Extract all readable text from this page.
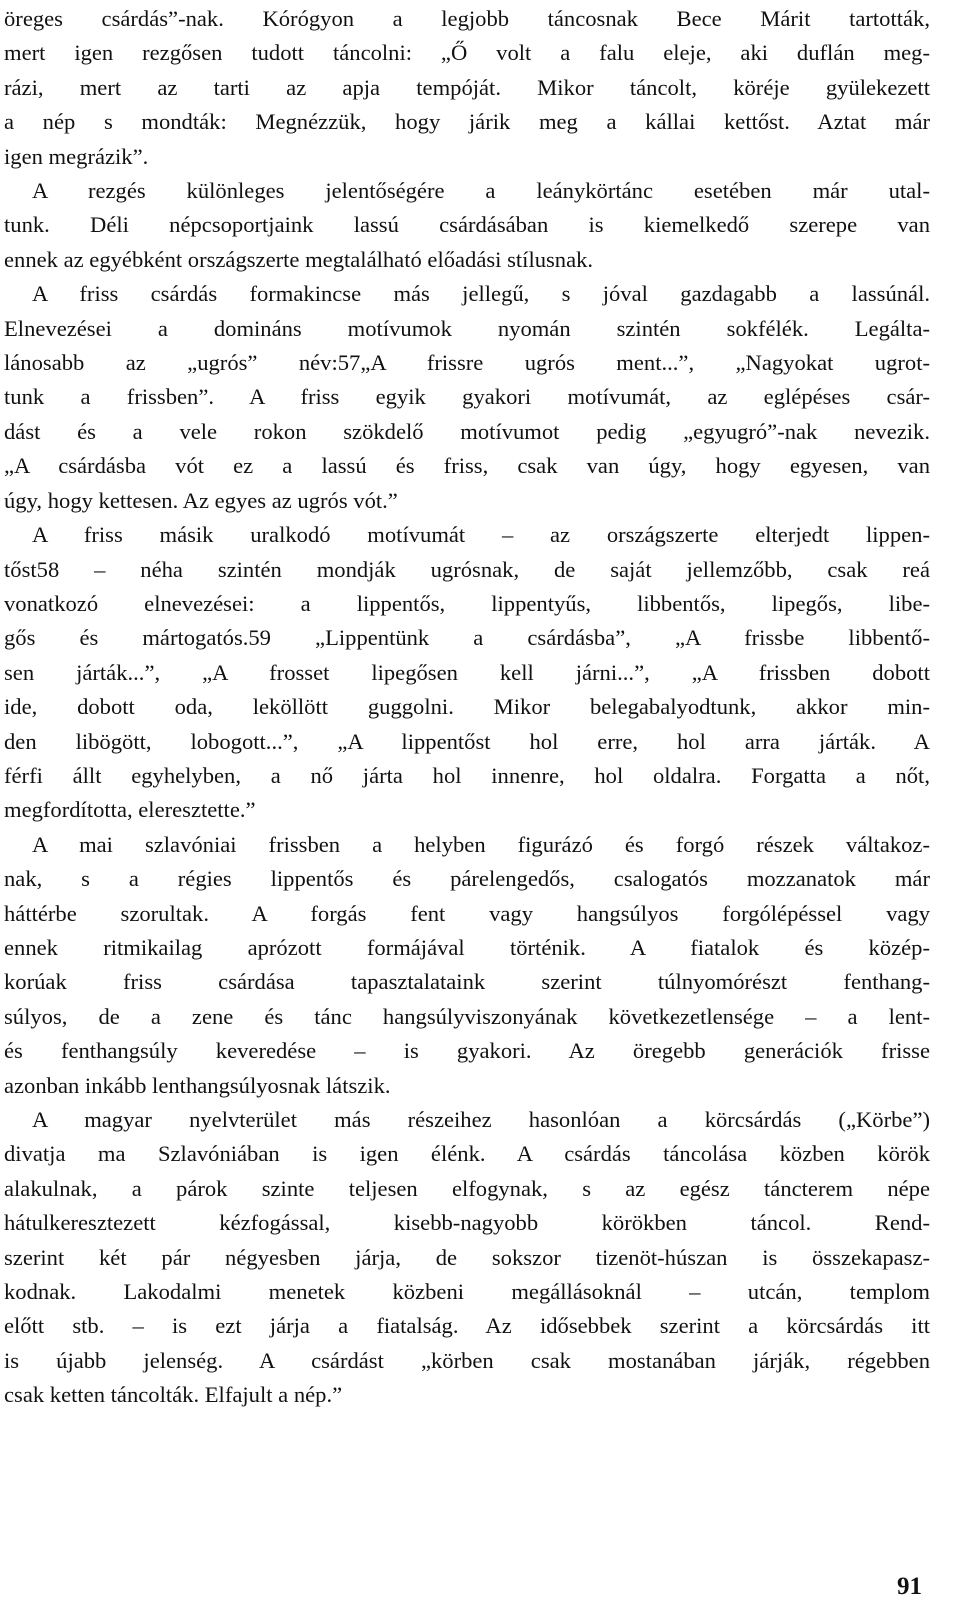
öreges csárdás”-nak. Kórógyon a legjobb táncosnak Bece Márit tartották,
mert igen rezgősen tudott táncolni: „Ő volt a falu eleje, aki duflán meg-
rázi, mert az tarti az apja tempóját. Mikor táncolt, köréje gyülekezett
a nép s mondták: Megnézzük, hogy járik meg a kállai kettőst. Aztat már
igen megrázik”.

A rezgés különleges jelentőségére a leánykörtánc esetében már utal-
tunk. Déli népcsoportjaink lassú csárdásában is kiemelkedő szerepe van
ennek az egyébként országszerte megtalálható előadási stílusnak.

A friss csárdás formakincse más jellegű, s jóval gazdagabb a lassúnál.
Elnevezései a domináns motívumok nyomán szintén sokfélék. Legálta-
lánosabb az „ugrós” név:57„A frissre ugrós ment...”, „Nagyokat ugrot-
tunk a frissben”. A friss egyik gyakori motívumát, az eglépéses csár-
dást és a vele rokon szökdelő motívumot pedig „egyugró”-nak nevezik.
„A csárdásba vót ez a lassú és friss, csak van úgy, hogy egyesen, van
úgy, hogy kettesen. Az egyes az ugrós vót.”

A friss másik uralkodó motívumát – az országszerte elterjedt lippen-
tőst58 – néha szintén mondják ugrósnak, de saját jellemzőbb, csak reá
vonatkozó elnevezései: a lippentős, lippentyűs, libbentős, lipegős, libe-
gős és mártogatós.59 „Lippentünk a csárdásba”, „A frissbe libbentő-
sen járták...”, „A frosset lipegősen kell járni...”, „A frissben dobott
ide, dobott oda, leköllött guggolni. Mikor belegabalyodtunk, akkor min-
den libögött, lobogott...”, „A lippentőst hol erre, hol arra járták. A
férfi állt egyhelyben, a nő járta hol innenre, hol oldalra. Forgatta a nőt,
megfordította, eleresztette.”

A mai szlavóniai frissben a helyben figurázó és forgó részek váltakoz-
nak, s a régies lippentős és párelengedős, csalogatós mozzanatok már
háttérbe szorultak. A forgás fent vagy hangsúlyos forgólépéssel vagy
ennek ritmikailag aprózott formájával történik. A fiatalok és közép-
korúak friss csárdása tapasztalataink szerint túlnyomórészt fenthang-
súlyos, de a zene és tánc hangsúlyviszonyának következetlensége – a lent-
és fenthangsúly keveredése – is gyakori. Az öregebb generációk frisse
azonban inkább lenthangsúlyosnak látszik.

A magyar nyelvterület más részeihez hasonlóan a körcsárdás („Körbe”)
divatja ma Szlavóniában is igen élénk. A csárdás táncolása közben körök
alakulnak, a párok szinte teljesen elfogynak, s az egész táncterem népe
hátulkeresztezett kézfogással, kisebb-nagyobb körökben táncol. Rend-
szerint két pár négyesben járja, de sokszor tizenöt-húszan is összekapasz-
kodnak. Lakodalmi menetek közbeni megállásoknál – utcán, templom
előtt stb. – is ezt járja a fiatalság. Az idősebbek szerint a körcsárdás itt
is újabb jelenség. A csárdást „körben csak mostanában járják, régebben
csak ketten táncolták. Elfajult a nép.”

91
